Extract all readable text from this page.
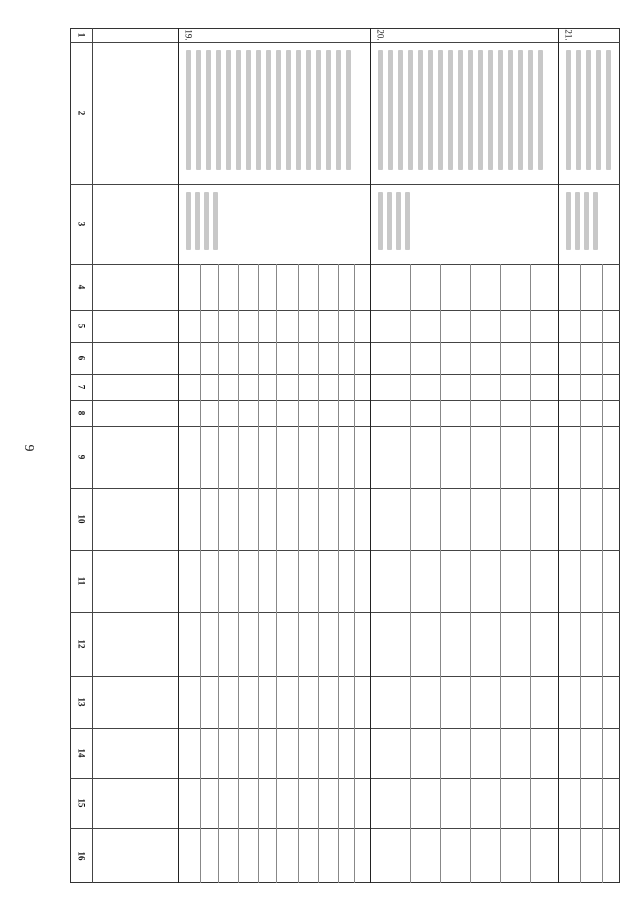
9
1
2
3
4
5
6
7
8
9
10
11
12
13
14
15
16
19.	20.	21.
